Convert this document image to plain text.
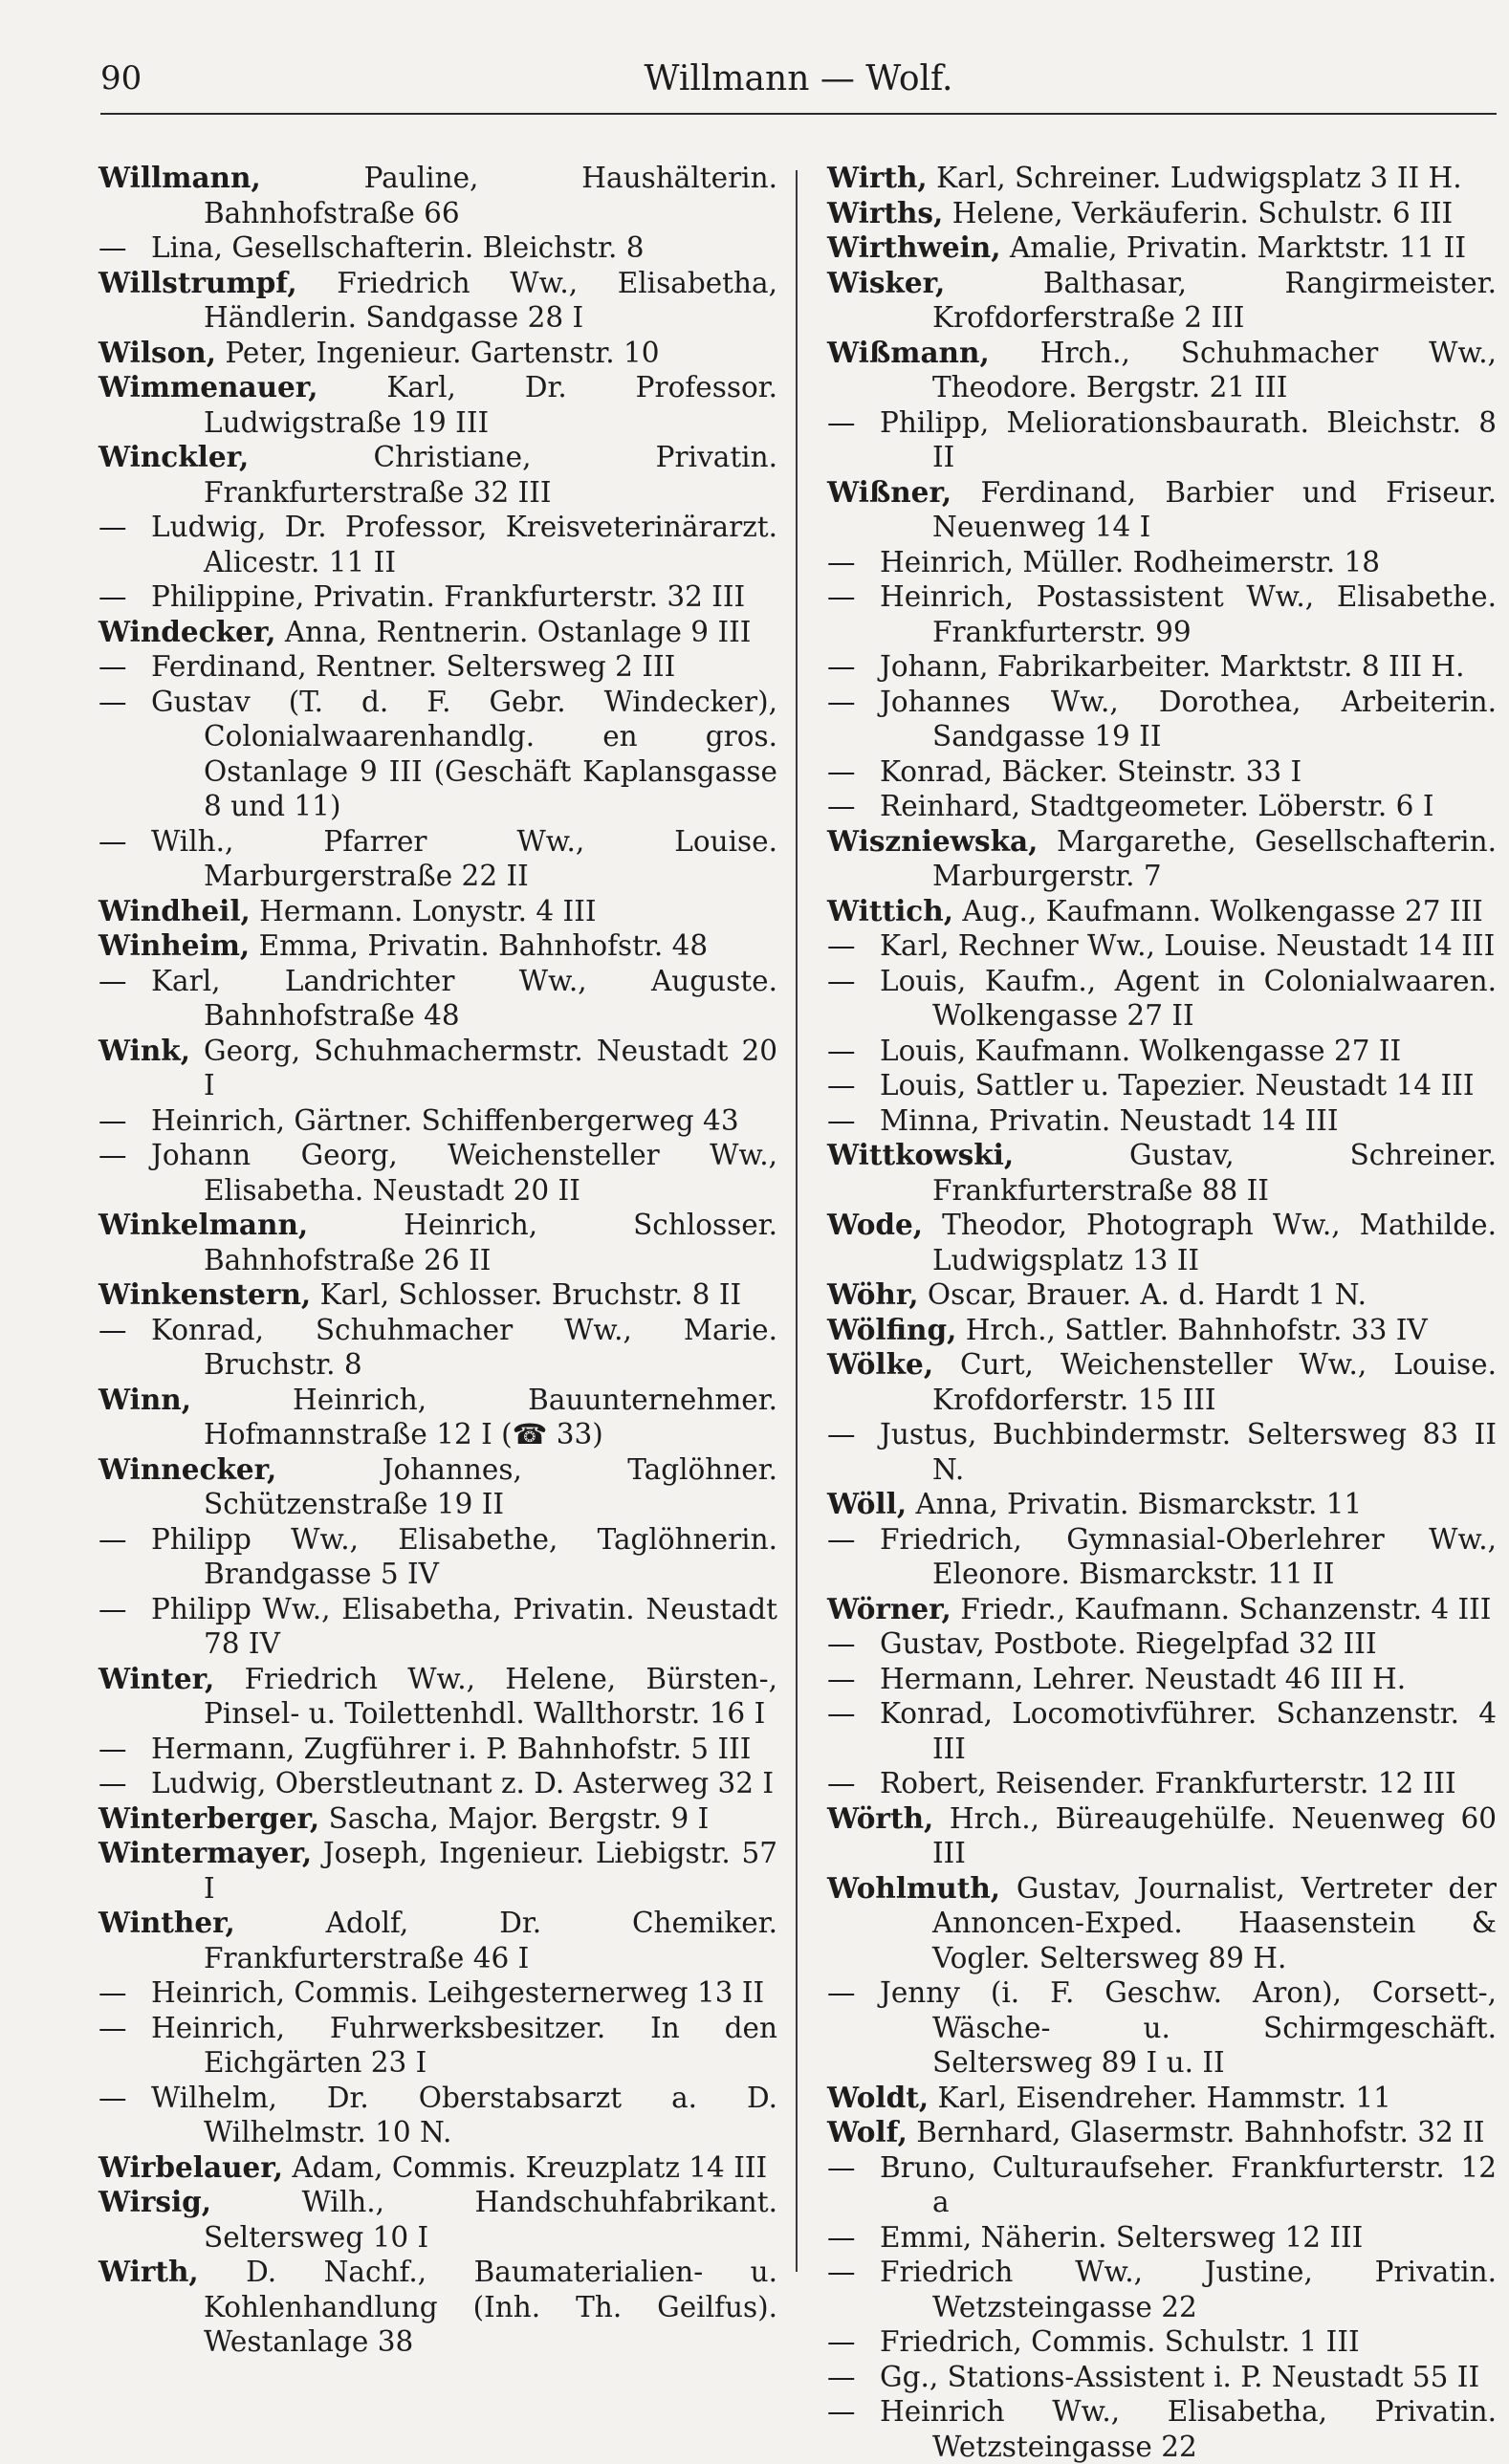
90	Willmann — Wolf.
Willmann, Pauline, Haushälterin. Bahnhofstraße 66
— Lina, Gesellschafterin. Bleichstr. 8
Willstrumpf, Friedrich Ww., Elisabetha, Händlerin. Sandgasse 28 I
Wilson, Peter, Ingenieur. Gartenstr. 10
Wimmenauer, Karl, Dr. Professor. Ludwigstraße 19 III
Winckler, Christiane, Privatin. Frankfurterstraße 32 III
— Ludwig, Dr. Professor, Kreisveterinärarzt. Alicestr. 11 II
— Philippine, Privatin. Frankfurterstr. 32 III
Windecker, Anna, Rentnerin. Ostanlage 9 III
— Ferdinand, Rentner. Seltersweg 2 III
— Gustav (T. d. F. Gebr. Windecker), Colonialwaarenhandlg. en gros. Ostanlage 9 III (Geschäft Kaplansgasse 8 und 11)
— Wilh., Pfarrer Ww., Louise. Marburgerstraße 22 II
Windheil, Hermann. Lonystr. 4 III
Winheim, Emma, Privatin. Bahnhofstr. 48
— Karl, Landrichter Ww., Auguste. Bahnhofstraße 48
Wink, Georg, Schuhmachermstr. Neustadt 20 I
— Heinrich, Gärtner. Schiffenbergerweg 43
— Johann Georg, Weichensteller Ww., Elisabetha. Neustadt 20 II
Winkelmann, Heinrich, Schlosser. Bahnhofstraße 26 II
Winkenstern, Karl, Schlosser. Bruchstr. 8 II
— Konrad, Schuhmacher Ww., Marie. Bruchstr. 8
Winn, Heinrich, Bauunternehmer. Hofmannstraße 12 I (☎ 33)
Winnecker, Johannes, Taglöhner. Schützenstraße 19 II
— Philipp Ww., Elisabethe, Taglöhnerin. Brandgasse 5 IV
— Philipp Ww., Elisabetha, Privatin. Neustadt 78 IV
Winter, Friedrich Ww., Helene, Bürsten-, Pinsel- u. Toilettenhdl. Wallthorstr. 16 I
— Hermann, Zugführer i. P. Bahnhofstr. 5 III
— Ludwig, Oberstleutnant z. D. Asterweg 32 I
Winterberger, Sascha, Major. Bergstr. 9 I
Wintermayer, Joseph, Ingenieur. Liebigstr. 57 I
Winther, Adolf, Dr. Chemiker. Frankfurterstraße 46 I
— Heinrich, Commis. Leihgesternerweg 13 II
— Heinrich, Fuhrwerksbesitzer. In den Eichgärten 23 I
— Wilhelm, Dr. Oberstabsarzt a. D. Wilhelmstr. 10 N.
Wirbelauer, Adam, Commis. Kreuzplatz 14 III
Wirsig, Wilh., Handschuhfabrikant. Seltersweg 10 I
Wirth, D. Nachf., Baumaterialien- u. Kohlenhandlung (Inh. Th. Geilfus). Westanlage 38
Wirth, Karl, Schreiner. Ludwigsplatz 3 II H.
Wirths, Helene, Verkäuferin. Schulstr. 6 III
Wirthwein, Amalie, Privatin. Marktstr. 11 II
Wisker, Balthasar, Rangirmeister. Krofdorferstraße 2 III
Wißmann, Hrch., Schuhmacher Ww., Theodore. Bergstr. 21 III
— Philipp, Meliorationsbaurath. Bleichstr. 8 II
Wißner, Ferdinand, Barbier und Friseur. Neuenweg 14 I
— Heinrich, Müller. Rodheimerstr. 18
— Heinrich, Postassistent Ww., Elisabethe. Frankfurterstr. 99
— Johann, Fabrikarbeiter. Marktstr. 8 III H.
— Johannes Ww., Dorothea, Arbeiterin. Sandgasse 19 II
— Konrad, Bäcker. Steinstr. 33 I
— Reinhard, Stadtgeometer. Löberstr. 6 I
Wiszniewska, Margarethe, Gesellschafterin. Marburgerstr. 7
Wittich, Aug., Kaufmann. Wolkengasse 27 III
— Karl, Rechner Ww., Louise. Neustadt 14 III
— Louis, Kaufm., Agent in Colonialwaaren. Wolkengasse 27 II
— Louis, Kaufmann. Wolkengasse 27 II
— Louis, Sattler u. Tapezier. Neustadt 14 III
— Minna, Privatin. Neustadt 14 III
Wittkowski, Gustav, Schreiner. Frankfurterstraße 88 II
Wode, Theodor, Photograph Ww., Mathilde. Ludwigsplatz 13 II
Wöhr, Oscar, Brauer. A. d. Hardt 1 N.
Wölfing, Hrch., Sattler. Bahnhofstr. 33 IV
Wölke, Curt, Weichensteller Ww., Louise. Krofdorferstr. 15 III
— Justus, Buchbindermstr. Seltersweg 83 II N.
Wöll, Anna, Privatin. Bismarckstr. 11
— Friedrich, Gymnasial-Oberlehrer Ww., Eleonore. Bismarckstr. 11 II
Wörner, Friedr., Kaufmann. Schanzenstr. 4 III
— Gustav, Postbote. Riegelpfad 32 III
— Hermann, Lehrer. Neustadt 46 III H.
— Konrad, Locomotivführer. Schanzenstr. 4 III
— Robert, Reisender. Frankfurterstr. 12 III
Wörth, Hrch., Büreaugehülfe. Neuenweg 60 III
Wohlmuth, Gustav, Journalist, Vertreter der Annoncen-Exped. Haasenstein & Vogler. Seltersweg 89 H.
— Jenny (i. F. Geschw. Aron), Corsett-, Wäsche- u. Schirmgeschäft. Seltersweg 89 I u. II
Woldt, Karl, Eisendreher. Hammstr. 11
Wolf, Bernhard, Glasermstr. Bahnhofstr. 32 II
— Bruno, Culturaufseher. Frankfurterstr. 12 a
— Emmi, Näherin. Seltersweg 12 III
— Friedrich Ww., Justine, Privatin. Wetzsteingasse 22
— Friedrich, Commis. Schulstr. 1 III
— Gg., Stations-Assistent i. P. Neustadt 55 II
— Heinrich Ww., Elisabetha, Privatin. Wetzsteingasse 22
